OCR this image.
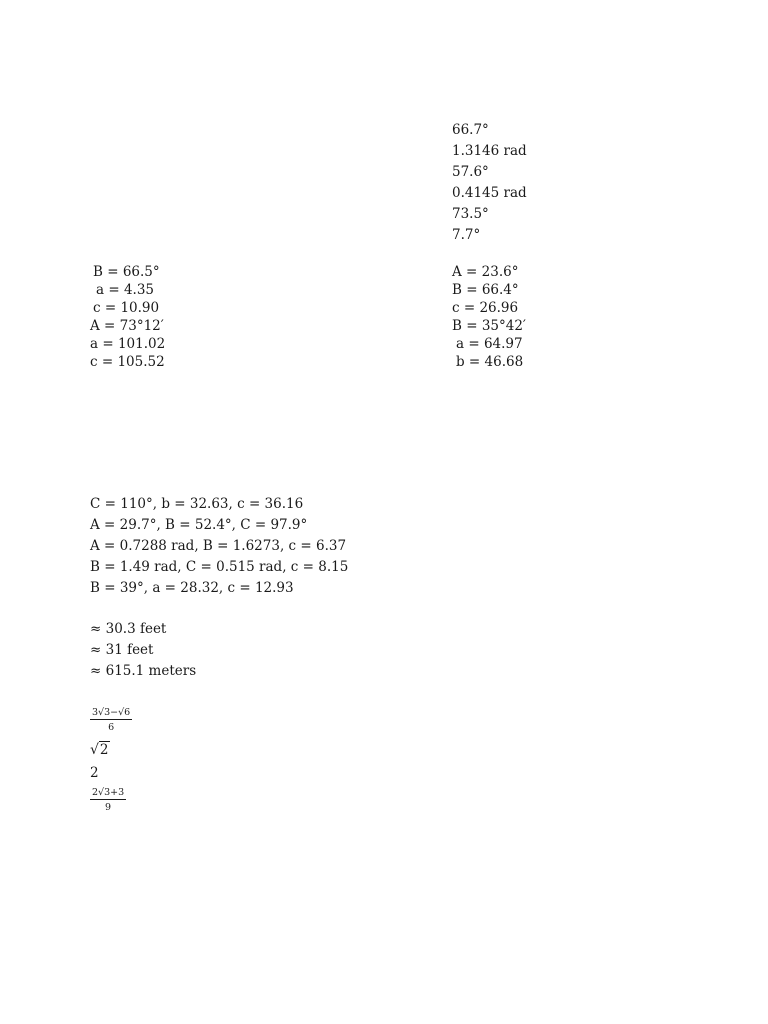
66.7°
1.3146 rad
57.6°
0.4145 rad
73.5°
7.7°
B = 66.5°
a = 4.35
c = 10.90
A = 73°12′
a = 101.02
c = 105.52
A = 23.6°
B = 66.4°
c = 26.96
B = 35°42′
a = 64.97
b = 46.68
C = 110°, b = 32.63, c = 36.16
A = 29.7°, B = 52.4°, C = 97.9°
A = 0.7288 rad, B = 1.6273, c = 6.37
B = 1.49 rad, C = 0.515 rad, c = 8.15
B = 39°, a = 28.32, c = 12.93
≈ 30.3 feet
≈ 31 feet
≈ 615.1 meters
$\frac{3√3-√6}{6}$
√2
2
$\frac{2√3+3}{9}$
